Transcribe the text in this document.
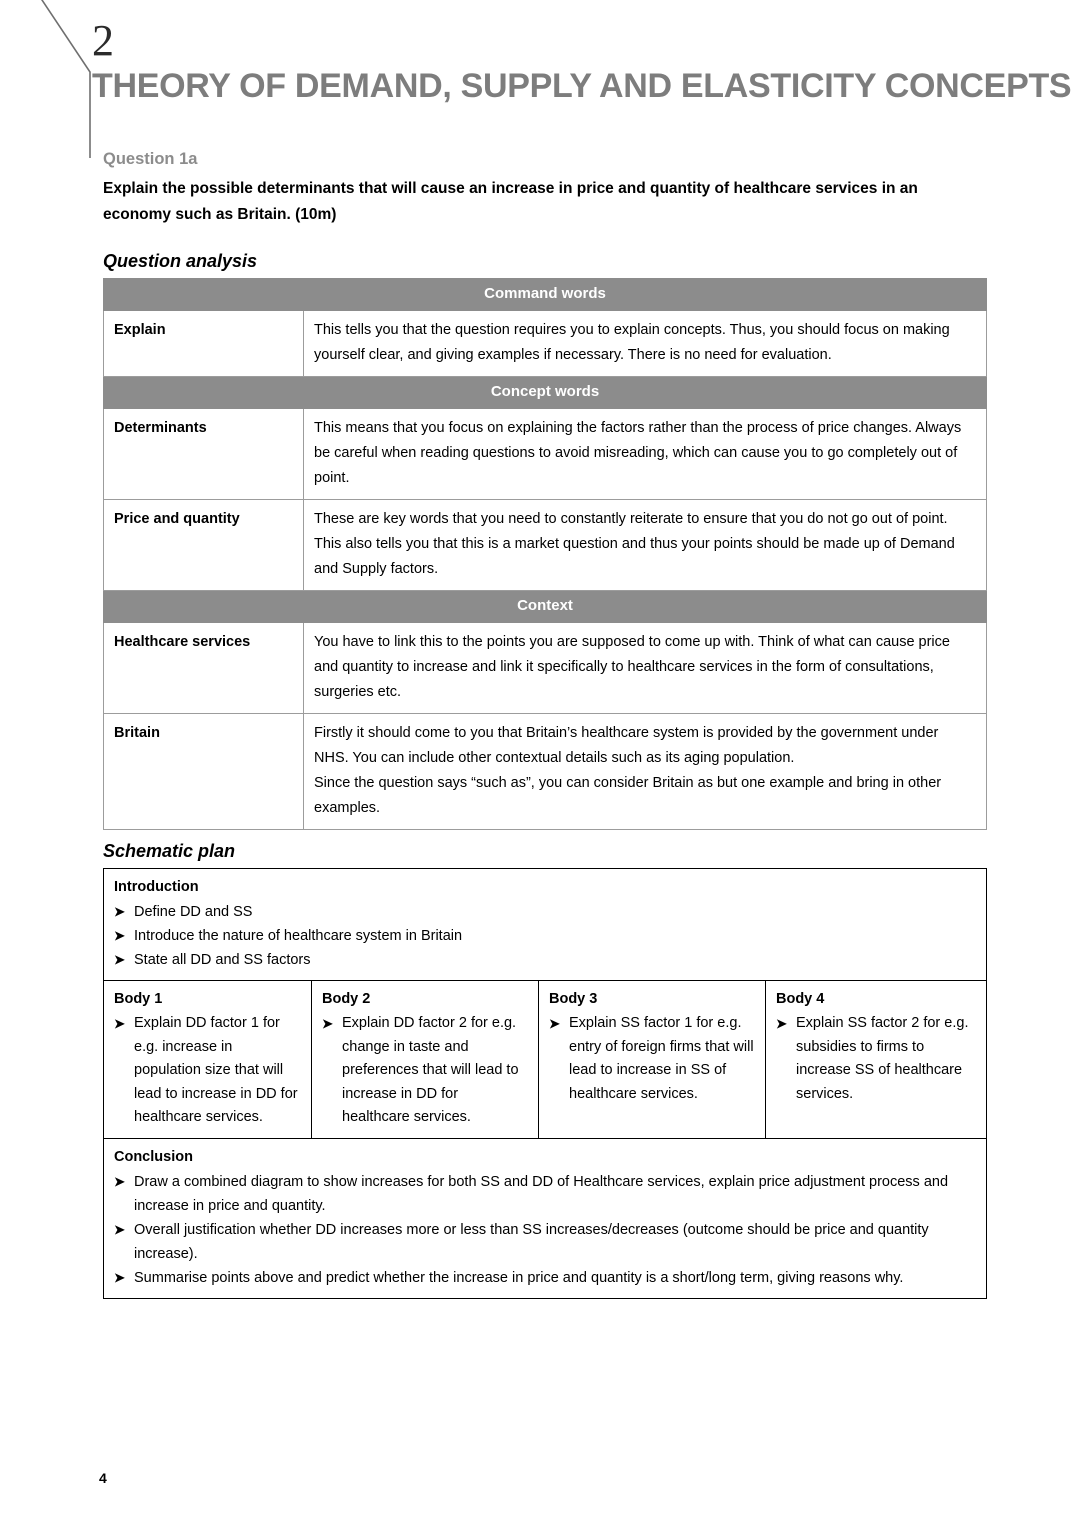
2
THEORY OF DEMAND, SUPPLY AND ELASTICITY CONCEPTS
Question 1a
Explain the possible determinants that will cause an increase in price and quantity of healthcare services in an economy such as Britain. (10m)
Question analysis
Command words	
Explain	This tells you that the question requires you to explain concepts. Thus, you should focus on making yourself clear, and giving examples if necessary. There is no need for evaluation.

Concept words	
Determinants	This means that you focus on explaining the factors rather than the process of price changes. Always be careful when reading questions to avoid misreading, which can cause you to go completely out of point.

Price and quantity	These are key words that you need to constantly reiterate to ensure that you do not go out of point.

This also tells you that this is a market question and thus your points should be made up of Demand and Supply factors.

Context	
Healthcare services	You have to link this to the points you are supposed to come up with. Think of what can cause price and quantity to increase and link it specifically to healthcare services in the form of consultations, surgeries etc.

Britain	Firstly it should come to you that Britain’s healthcare system is provided by the government under NHS. You can include other contextual details such as its aging population.

Since the question says “such as”, you can consider Britain as but one example and bring in other examples.

Schematic plan
Introduction
➤ Define DD and SS
➤ Introduce the nature of healthcare system in Britain
➤ State all DD and SS factors

Body 1
➤ Explain DD factor 1 for e.g. increase in population size that will lead to increase in DD for healthcare services.

Body 2
➤ Explain DD factor 2 for e.g. change in taste and preferences that will lead to increase in DD for healthcare services.

Body 3
➤ Explain SS factor 1 for e.g. entry of foreign firms that will lead to increase in SS of healthcare services.

Body 4
➤ Explain SS factor 2 for e.g. subsidies to firms to increase SS of healthcare services.

Conclusion
➤ Draw a combined diagram to show increases for both SS and DD of Healthcare services, explain price adjustment process and increase in price and quantity.
➤ Overall justification whether DD increases more or less than SS increases/decreases (outcome should be price and quantity increase).
➤ Summarise points above and predict whether the increase in price and quantity is a short/long term, giving reasons why.
4
